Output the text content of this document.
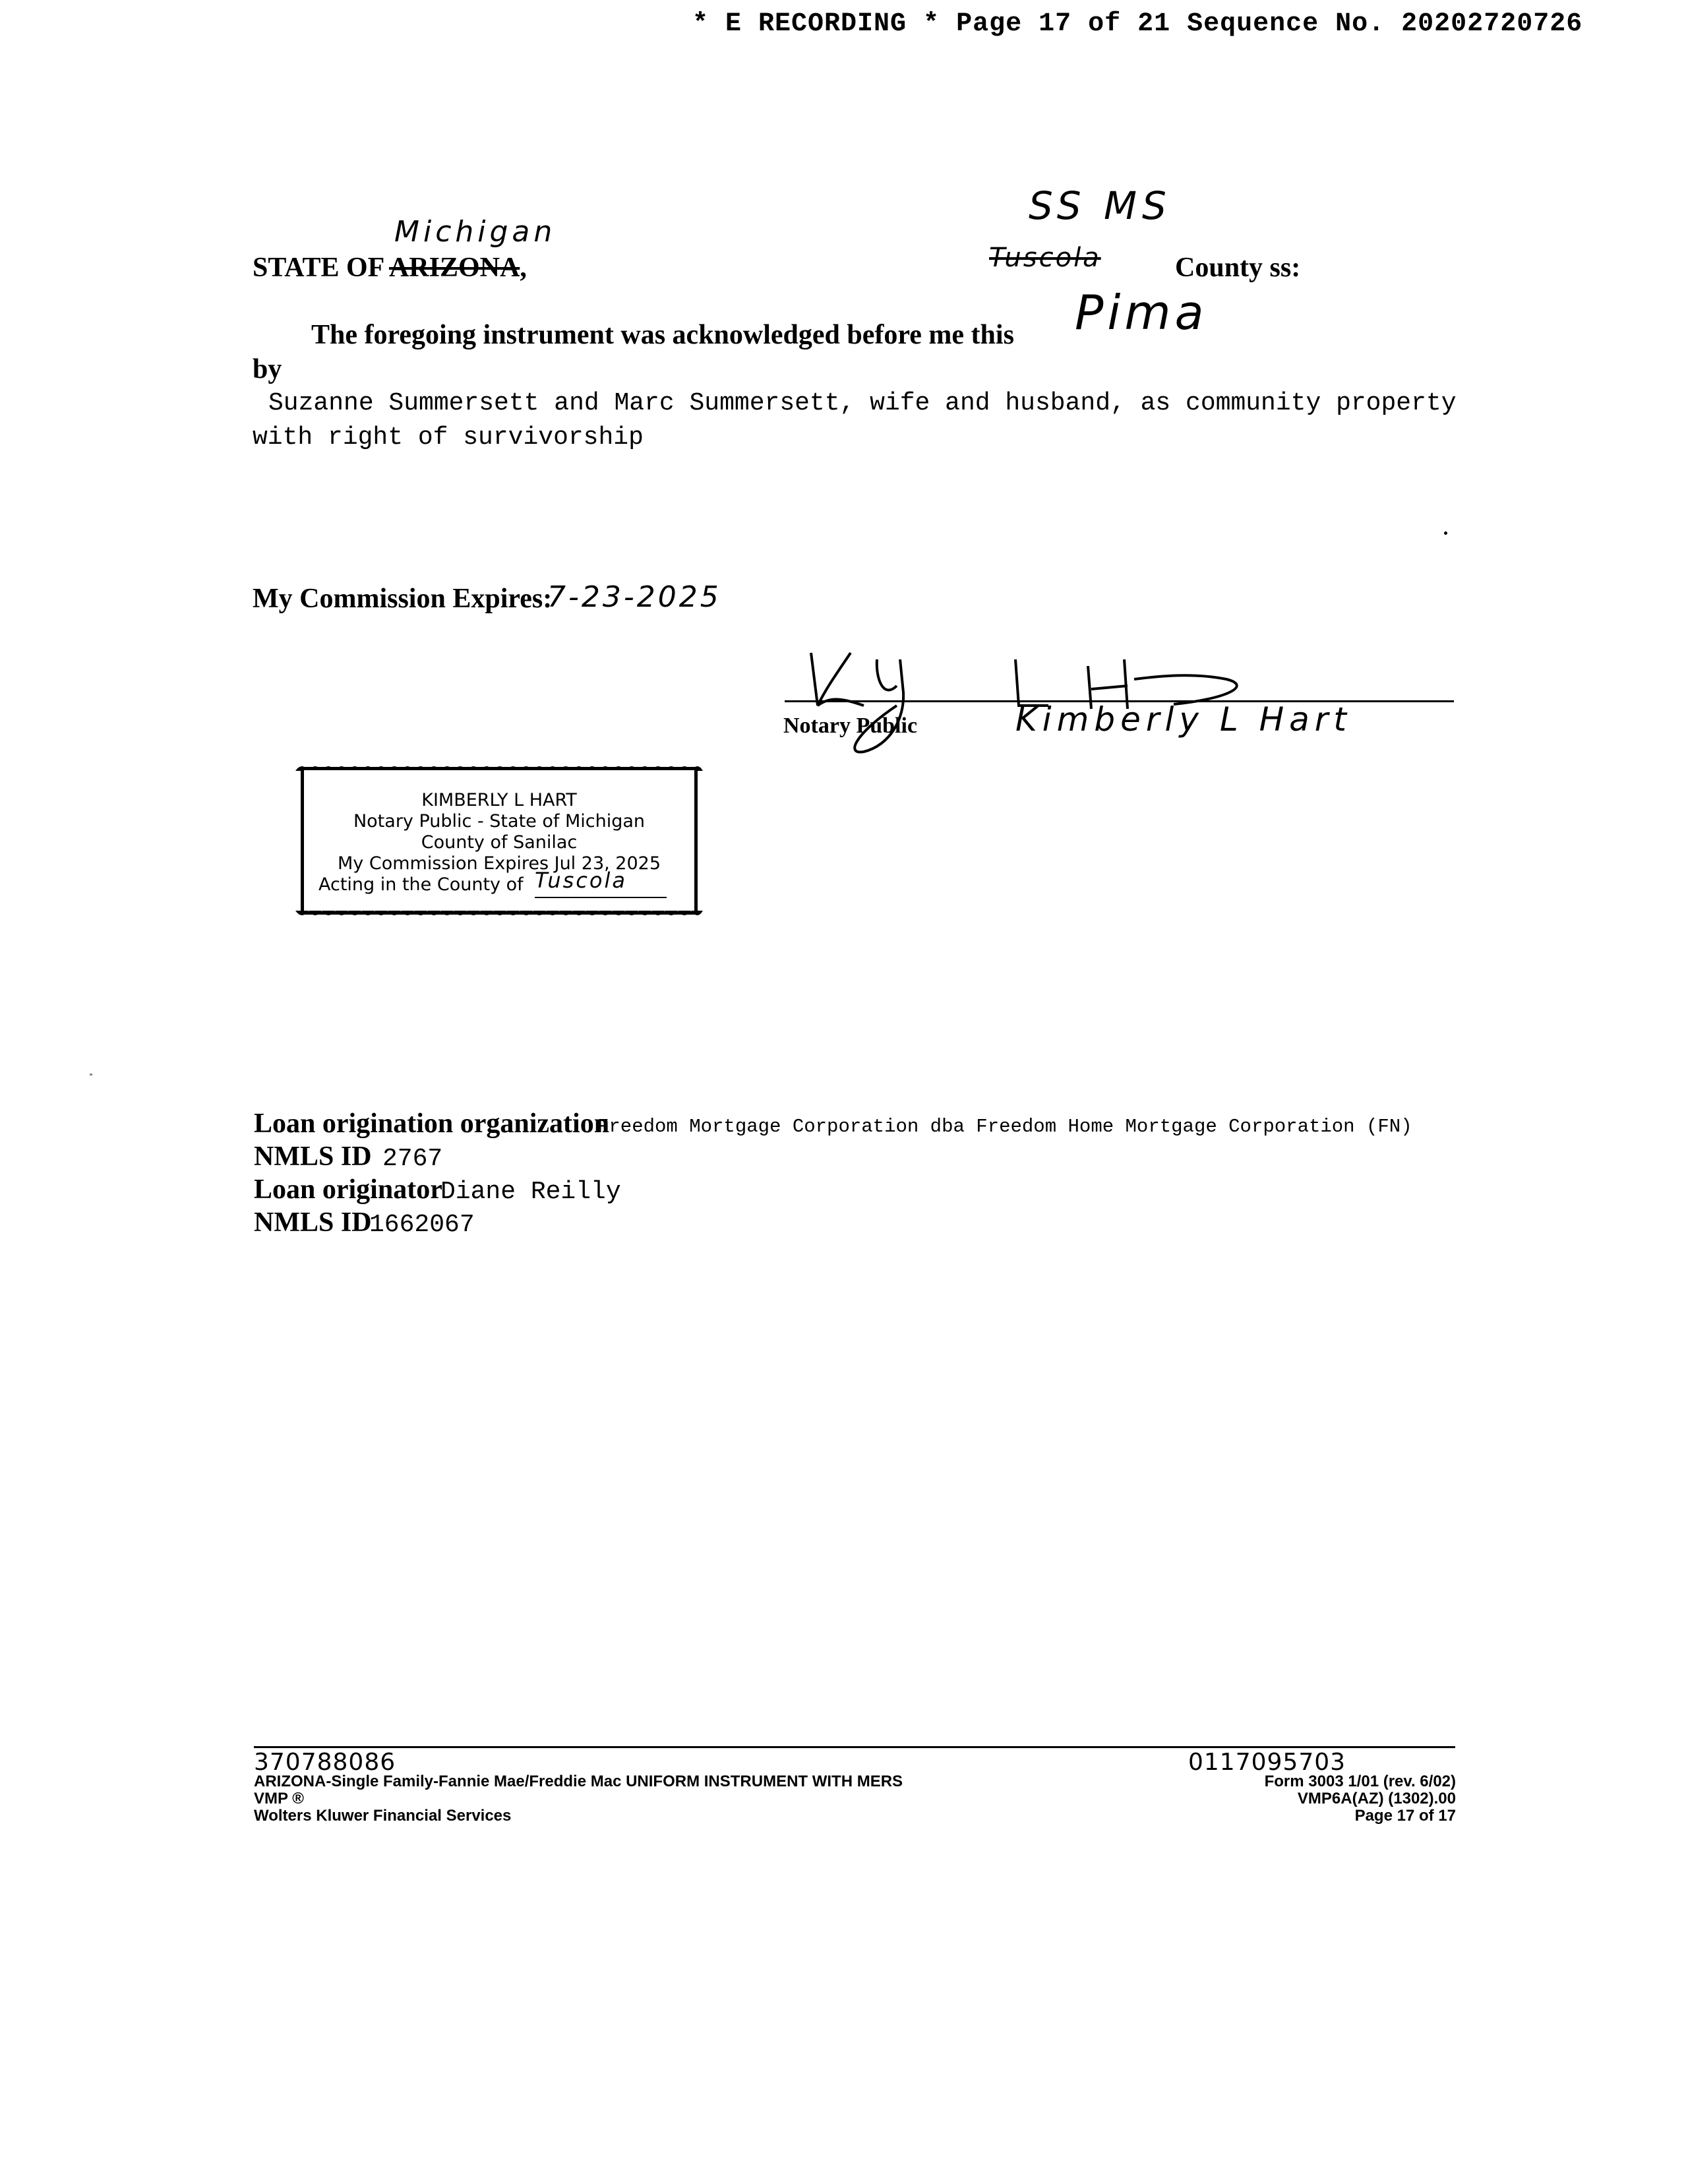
* E RECORDING * Page 17 of 21 Sequence No. 20202720726
STATE OF ARIZONA,
Michigan
SS MS
Tuscola	County ss:
Pima
The foregoing instrument was acknowledged before me this
by
Suzanne Summersett and Marc Summersett, wife and husband, as community property with right of survivorship
My Commission Expires:
7-23-2025
Notary Public	Kimberly L Hart
KIMBERLY L HART
Notary Public - State of Michigan
County of Sanilac
My Commission Expires Jul 23, 2025
Acting in the County of Tuscola
Loan origination organization
Freedom Mortgage Corporation dba Freedom Home Mortgage Corporation (FN)
NMLS ID 2767
Loan originator
Diane Reilly
NMLS ID
1662067
370788086	0117095703
ARIZONA-Single Family-Fannie Mae/Freddie Mac UNIFORM INSTRUMENT WITH MERS
VMP ®
Wolters Kluwer Financial Services
Form 3003 1/01 (rev. 6/02)
VMP6A(AZ) (1302).00
Page 17 of 17
